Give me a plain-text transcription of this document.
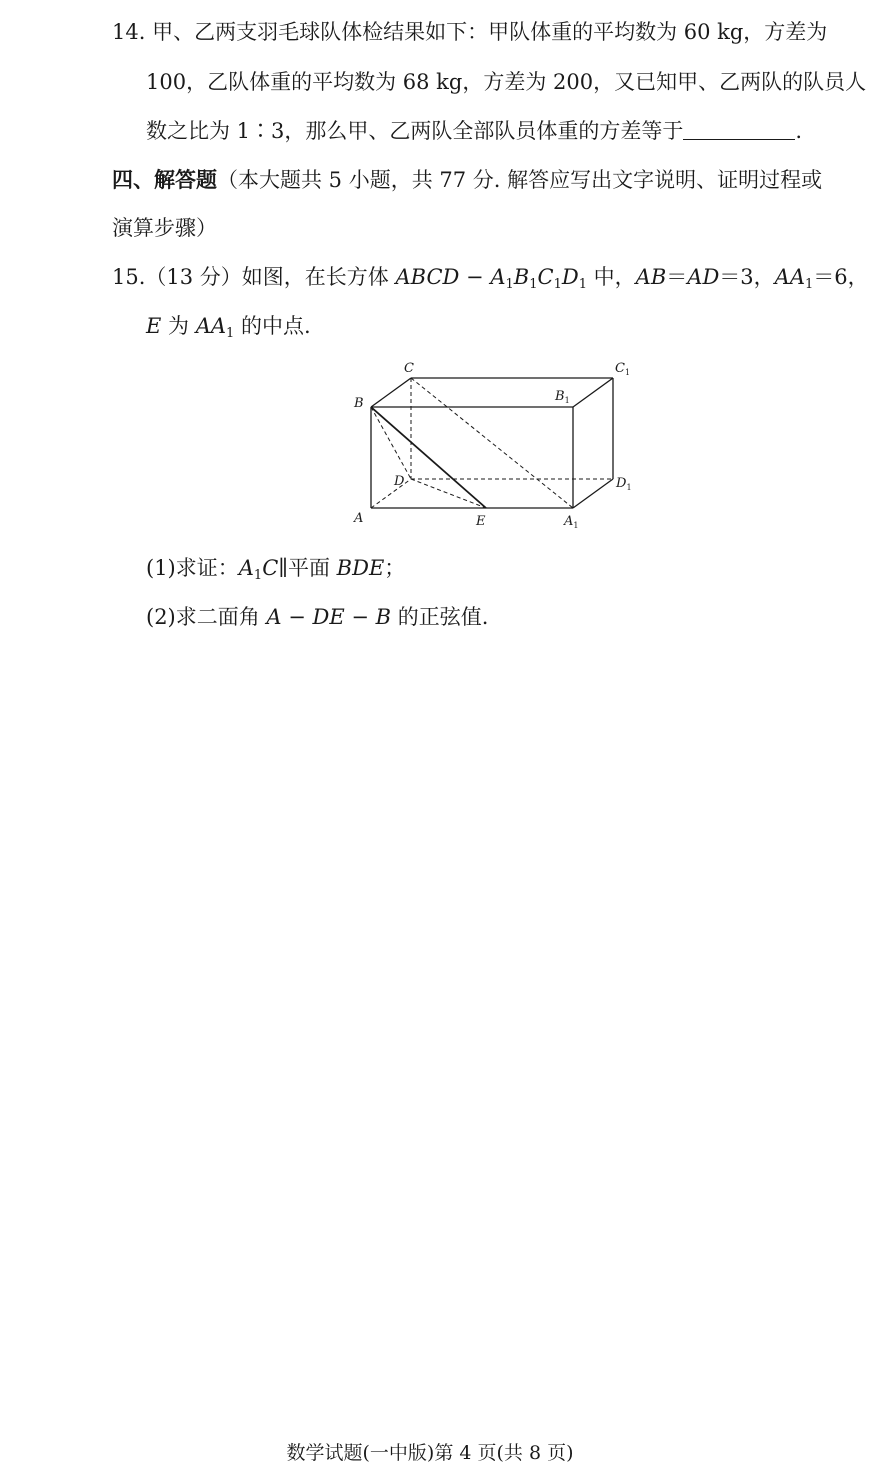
14. 甲、乙两支羽毛球队体检结果如下：甲队体重的平均数为 60 kg，方差为
100，乙队体重的平均数为 68 kg，方差为 200，又已知甲、乙两队的队员人
数之比为 1∶3，那么甲、乙两队全部队员体重的方差等于	.
四、解答题（本大题共 5 小题，共 77 分. 解答应写出文字说明、证明过程或
演算步骤）
15.（13 分）如图，在长方体 ABCD − $A_1B_1C_1D_1$ 中，AB＝AD＝3，$AA_1=6$，
E 为 $AA_1$ 的中点.
C	$C_1$
B	$B_1$
D	$D_1$
A	E	$A_1$
(1)求证：$A_1C\parallel$平面 BDE；
(2)求二面角 A − DE − B 的正弦值.
数学试题(一中版)第 4 页(共 8 页)
